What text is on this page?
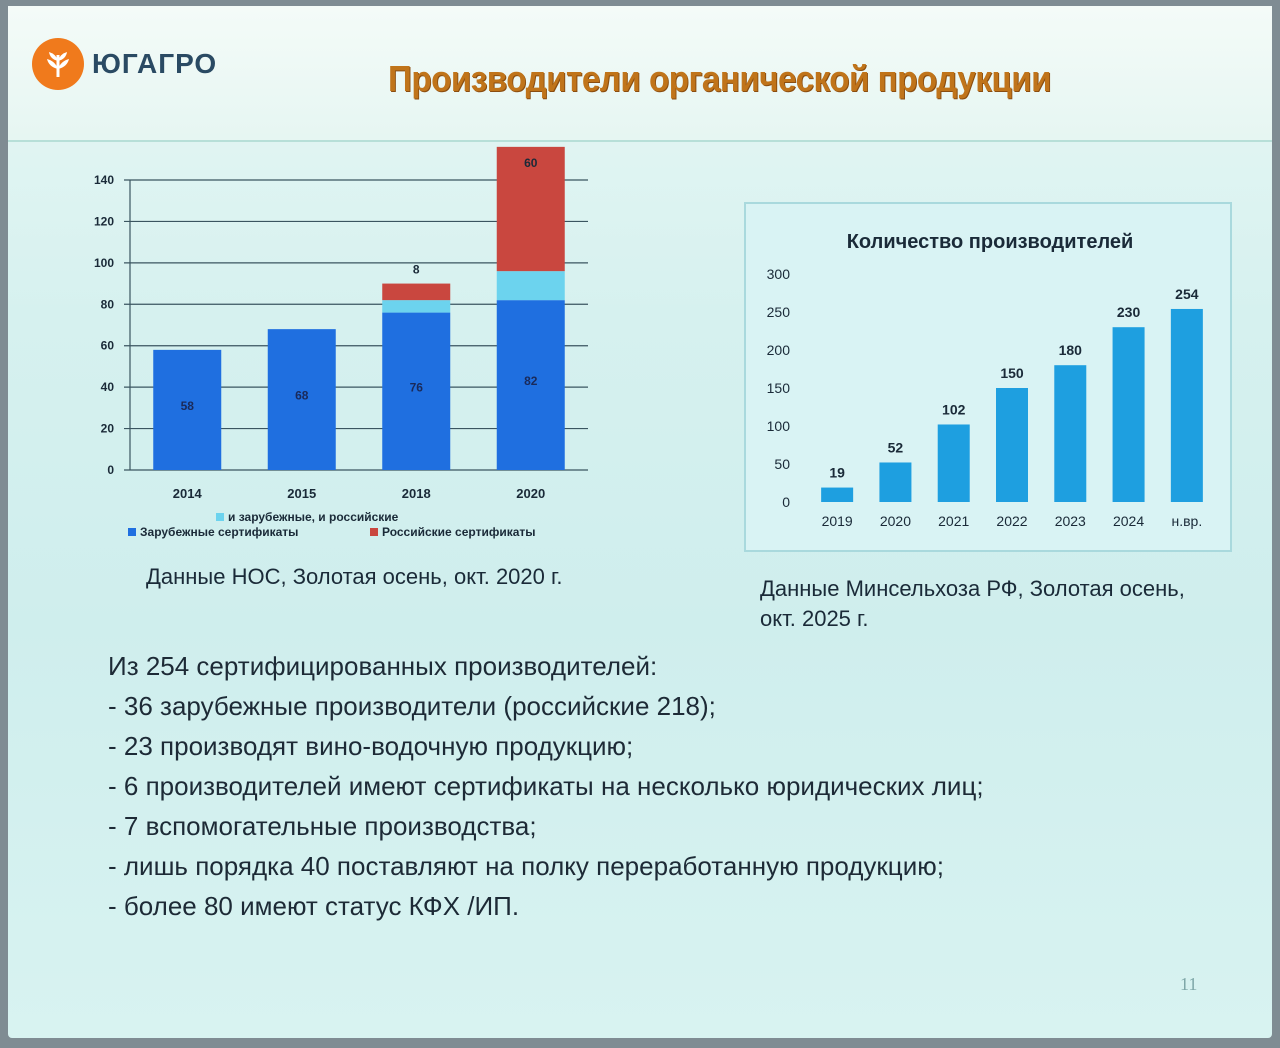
ЮГАГРО	Производители органической продукции
0
20
40
60
80
100
120
140
2014	2015	2018	2020
58
68
76	82
8
60
и зарубежные, и российские
Зарубежные сертификаты	Российские сертификаты
Количество производителей
0
50
100
150
200
250
300
19
2019
52
2020
102
2021
150
2022
180
2023
230
2024
254
н.вр.
Данные НОС, Золотая осень, окт. 2020 г.	Данные Минсельхоза РФ, Золотая осень, окт. 2025 г.
Из 254 сертифицированных производителей:
- 36 зарубежные производители (российские 218);
- 23 производят вино-водочную продукцию;
- 6 производителей имеют сертификаты на несколько юридических лиц;
- 7 вспомогательные производства;
- лишь порядка 40 поставляют на полку переработанную продукцию;
- более 80 имеют статус КФХ /ИП.
11
